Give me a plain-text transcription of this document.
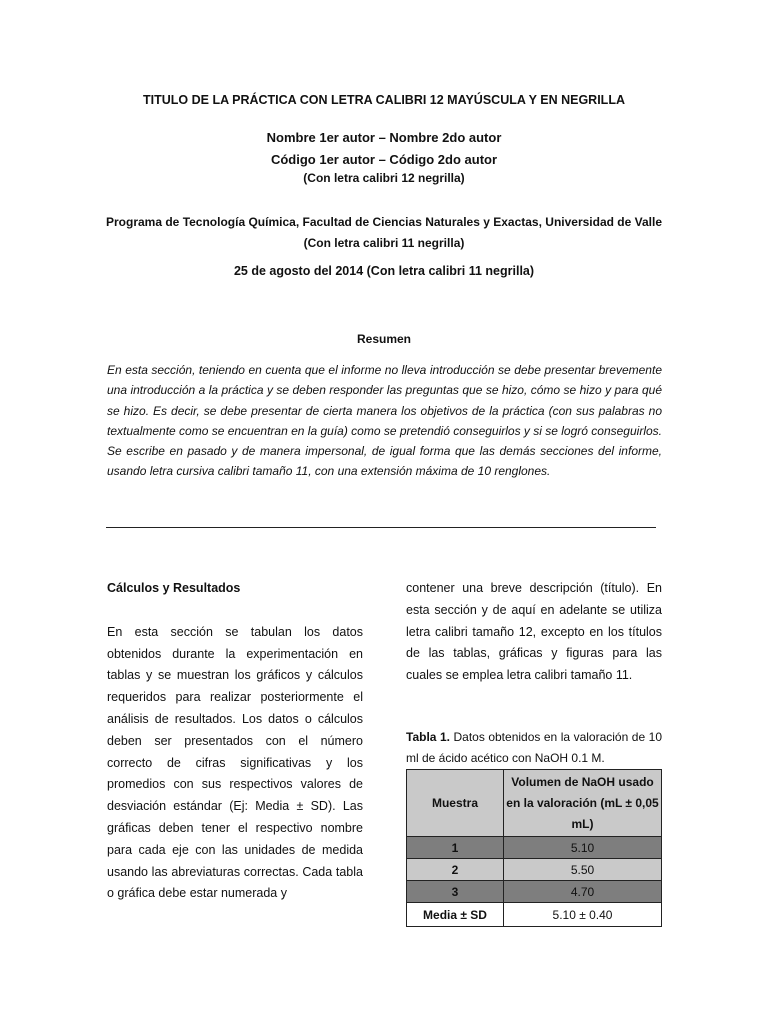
TITULO DE LA PRÁCTICA CON LETRA CALIBRI 12 MAYÚSCULA Y EN NEGRILLA
Nombre 1er autor – Nombre 2do autor
Código 1er autor – Código 2do autor
(Con letra calibri 12 negrilla)
Programa de Tecnología Química, Facultad de Ciencias Naturales y Exactas, Universidad de Valle
(Con letra calibri 11 negrilla)
25 de agosto del 2014 (Con letra calibri 11 negrilla)
Resumen
En esta sección, teniendo en cuenta que el informe no lleva introducción se debe presentar brevemente una introducción a la práctica y se deben responder las preguntas que se hizo, cómo se hizo y para qué se hizo. Es decir, se debe presentar de cierta manera los objetivos de la práctica (con sus palabras no textualmente como se encuentran en la guía) como se pretendió conseguirlos y si se logró conseguirlos. Se escribe en pasado y de manera impersonal, de igual forma que las demás secciones del informe, usando letra cursiva calibri tamaño 11, con una extensión máxima de 10 renglones.
Cálculos y Resultados
En esta sección se tabulan los datos obtenidos durante la experimentación en tablas y se muestran los gráficos y cálculos requeridos para realizar posteriormente el análisis de resultados. Los datos o cálculos deben ser presentados con el número correcto de cifras significativas y los promedios con sus respectivos valores de desviación estándar (Ej: Media ± SD). Las gráficas deben tener el respectivo nombre para cada eje con las unidades de medida usando las abreviaturas correctas. Cada tabla o gráfica debe estar numerada y
contener una breve descripción (título). En esta sección y de aquí en adelante se utiliza letra calibri tamaño 12, excepto en los títulos de las tablas, gráficas y figuras para las cuales se emplea letra calibri tamaño 11.
Tabla 1. Datos obtenidos en la valoración de 10 ml de ácido acético con NaOH 0.1 M.
Muestra	Volumen de NaOH usado en la valoración (mL ± 0,05 mL)
1	5.10
2	5.50
3	4.70
Media ± SD	5.10 ± 0.40
